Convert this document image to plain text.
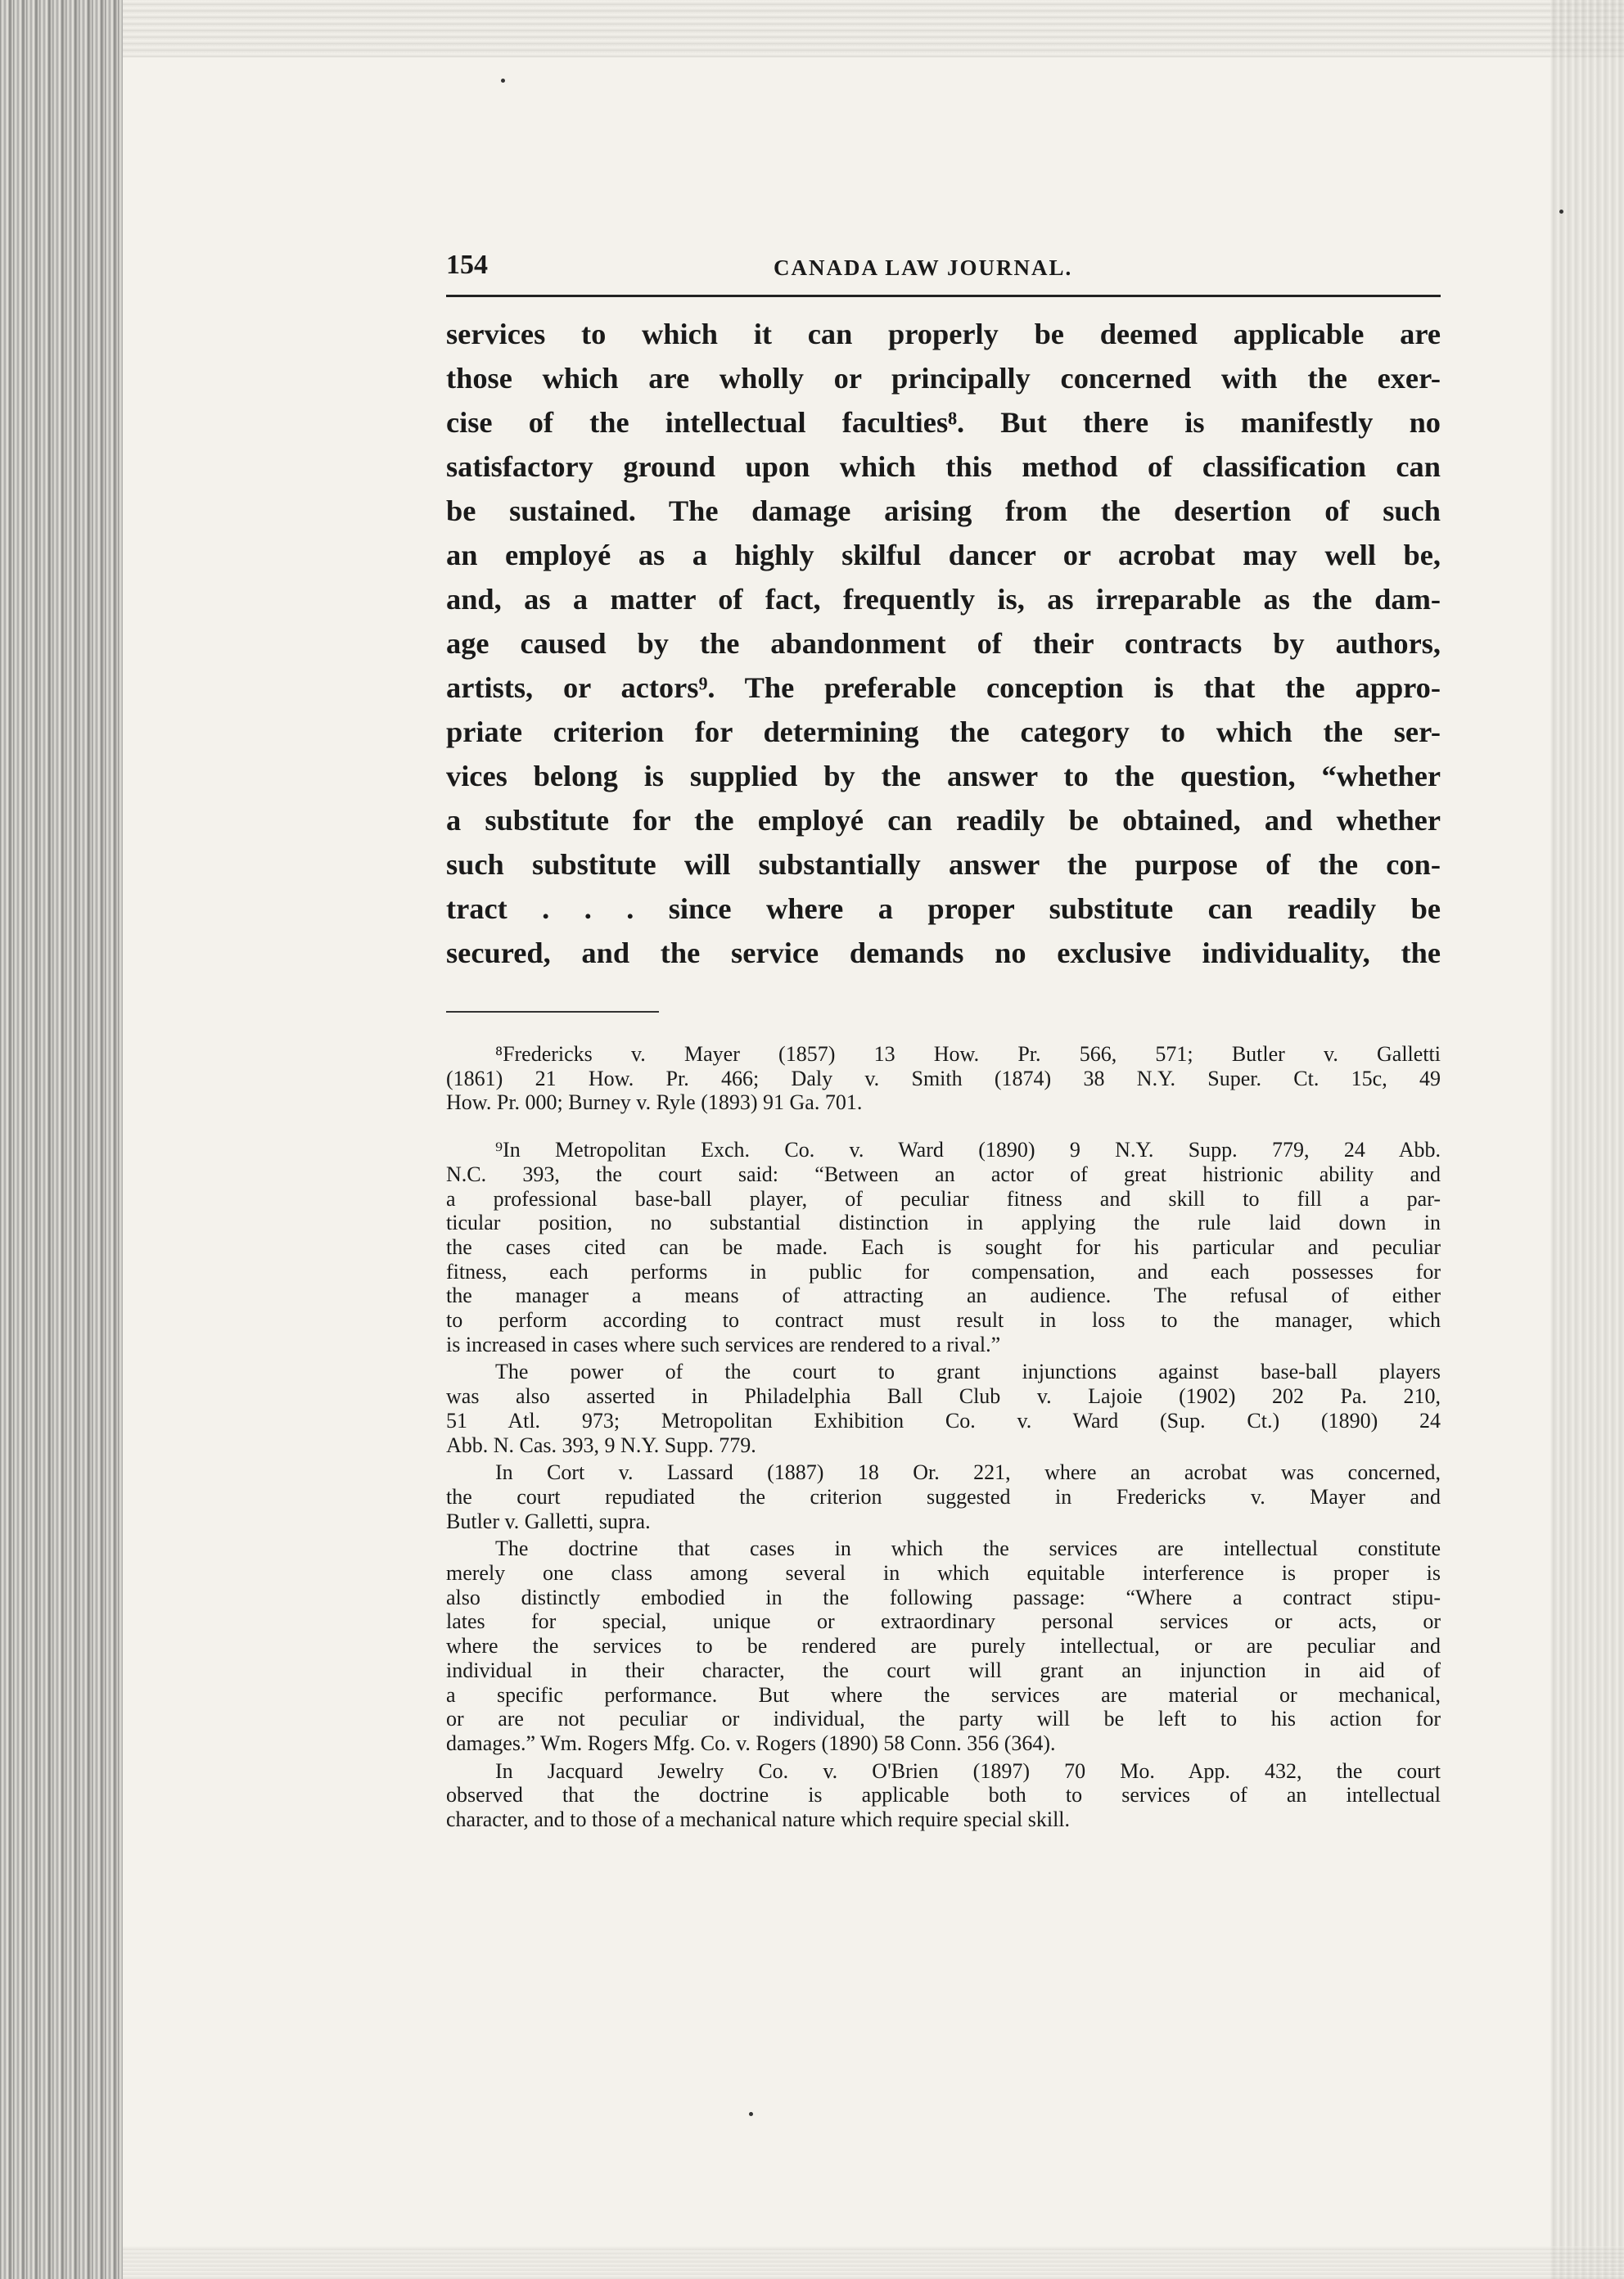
154	CANADA LAW JOURNAL.
services to which it can properly be deemed applicable are
those which are wholly or principally concerned with the exer-
cise of the intellectual faculties⁸. But there is manifestly no
satisfactory ground upon which this method of classification can
be sustained. The damage arising from the desertion of such
an employé as a highly skilful dancer or acrobat may well be,
and, as a matter of fact, frequently is, as irreparable as the dam-
age caused by the abandonment of their contracts by authors,
artists, or actors⁹. The preferable conception is that the appro-
priate criterion for determining the category to which the ser-
vices belong is supplied by the answer to the question, “whether
a substitute for the employé can readily be obtained, and whether
such substitute will substantially answer the purpose of the con-
tract . . . since where a proper substitute can readily be
secured, and the service demands no exclusive individuality, the
⁸Fredericks v. Mayer (1857) 13 How. Pr. 566, 571; Butler v. Galletti
(1861) 21 How. Pr. 466; Daly v. Smith (1874) 38 N.Y. Super. Ct. 15c, 49
How. Pr. 000; Burney v. Ryle (1893) 91 Ga. 701.
⁹In Metropolitan Exch. Co. v. Ward (1890) 9 N.Y. Supp. 779, 24 Abb.
N.C. 393, the court said: “Between an actor of great histrionic ability and
a professional base-ball player, of peculiar fitness and skill to fill a par-
ticular position, no substantial distinction in applying the rule laid down in
the cases cited can be made. Each is sought for his particular and peculiar
fitness, each performs in public for compensation, and each possesses for
the manager a means of attracting an audience. The refusal of either
to perform according to contract must result in loss to the manager, which
is increased in cases where such services are rendered to a rival.”
The power of the court to grant injunctions against base-ball players
was also asserted in Philadelphia Ball Club v. Lajoie (1902) 202 Pa. 210,
51 Atl. 973; Metropolitan Exhibition Co. v. Ward (Sup. Ct.) (1890) 24
Abb. N. Cas. 393, 9 N.Y. Supp. 779.
In Cort v. Lassard (1887) 18 Or. 221, where an acrobat was concerned,
the court repudiated the criterion suggested in Fredericks v. Mayer and
Butler v. Galletti, supra.
The doctrine that cases in which the services are intellectual constitute
merely one class among several in which equitable interference is proper is
also distinctly embodied in the following passage: “Where a contract stipu-
lates for special, unique or extraordinary personal services or acts, or
where the services to be rendered are purely intellectual, or are peculiar and
individual in their character, the court will grant an injunction in aid of
a specific performance. But where the services are material or mechanical,
or are not peculiar or individual, the party will be left to his action for
damages.” Wm. Rogers Mfg. Co. v. Rogers (1890) 58 Conn. 356 (364).
In Jacquard Jewelry Co. v. O'Brien (1897) 70 Mo. App. 432, the court
observed that the doctrine is applicable both to services of an intellectual
character, and to those of a mechanical nature which require special skill.
